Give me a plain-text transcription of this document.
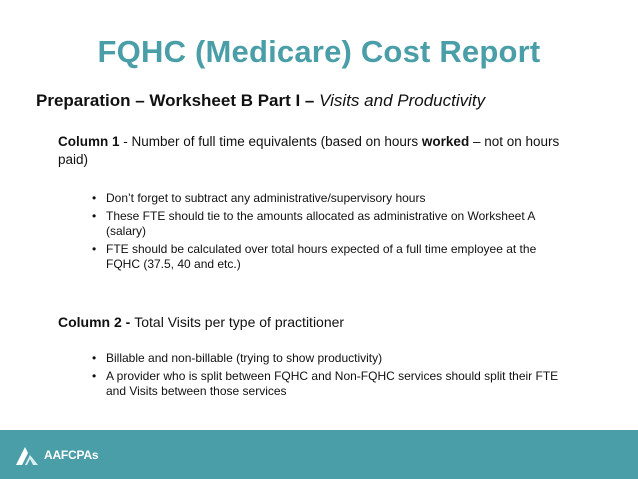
FQHC (Medicare) Cost Report
Preparation – Worksheet B Part I – Visits and Productivity
Column 1 - Number of full time equivalents (based on hours worked – not on hours paid)
• Don’t forget to subtract any administrative/supervisory hours
• These FTE should tie to the amounts allocated as administrative on Worksheet A (salary)
• FTE should be calculated over total hours expected of a full time employee at the FQHC (37.5, 40 and etc.)
Column 2 - Total Visits per type of practitioner
• Billable and non-billable (trying to show productivity)
• A provider who is split between FQHC and Non-FQHC services should split their FTE and Visits between those services
AAFCPAs
